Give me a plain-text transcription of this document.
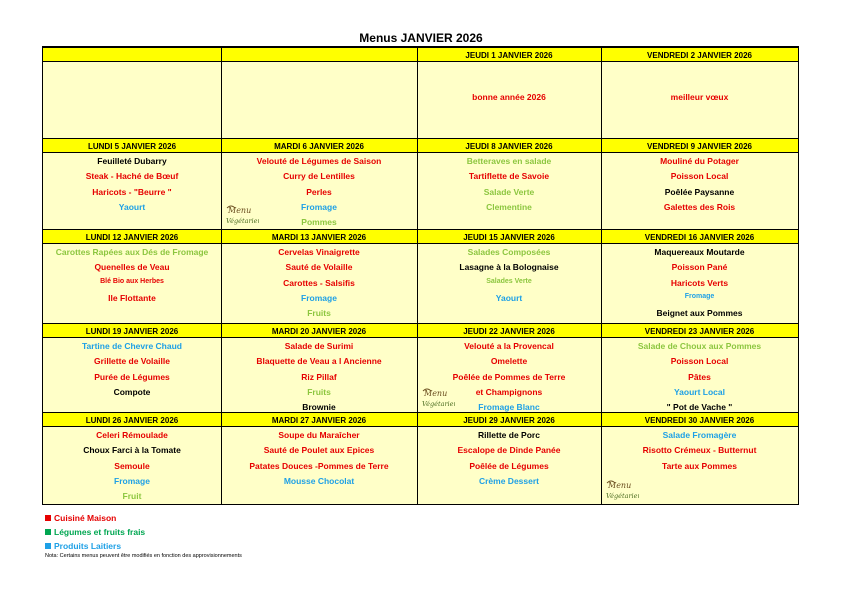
Menus JANVIER 2026
JEUDI 1 JANVIER 2026
bonne année 2026
VENDREDI 2 JANVIER 2026
meilleur vœux
LUNDI 5 JANVIER 2026
Feuilleté Dubarry
Steak - Haché de Bœuf
Haricots - "Beurre "
Yaourt
MARDI 6 JANVIER 2026
Velouté de Légumes de Saison
Curry de Lentilles
Perles
Fromage
Pommes
Menu
Végétarien
JEUDI 8 JANVIER 2026
Betteraves en salade
Tartiflette de Savoie
Salade Verte
Clementine
VENDREDI 9 JANVIER 2026
Mouliné du Potager
Poisson Local
Poêlée Paysanne
Galettes des Rois
LUNDI 12 JANVIER 2026
Carottes Rapées aux Dés de Fromage
Quenelles de Veau
Blé Bio aux Herbes
Ile Flottante
MARDI 13 JANVIER 2026
Cervelas Vinaigrette
Sauté de Volaille
Carottes - Salsifis
Fromage
Fruits
JEUDI 15 JANVIER 2026
Salades Composées
Lasagne à la Bolognaise
Salades Verte
Yaourt
VENDREDI 16 JANVIER 2026
Maquereaux Moutarde
Poisson Pané
Haricots Verts
Fromage
Beignet aux Pommes
LUNDI 19 JANVIER 2026
Tartine de Chevre Chaud
Grillette de Volaille
Purée de Légumes
Compote
MARDI 20 JANVIER 2026
Salade de Surimi
Blaquette de Veau a l Ancienne
Riz Pillaf
Fruits
Brownie
JEUDI 22 JANVIER 2026
Velouté a la Provencal
Omelette
Poêlée de Pommes de Terre
et Champignons
Fromage Blanc
Menu
Végétarien
VENDREDI 23 JANVIER 2026
Salade de Choux aux Pommes
Poisson Local
Pâtes
Yaourt Local
" Pot de Vache "
LUNDI 26 JANVIER 2026
Celeri Rémoulade
Choux Farci à la Tomate
Semoule
Fromage
Fruit
MARDI 27 JANVIER 2026
Soupe du Maraîcher
Sauté de Poulet aux Epices
Patates Douces -Pommes de Terre
Mousse Chocolat
JEUDI 29 JANVIER 2026
Rillette de Porc
Escalope de Dinde Panée
Poêlée de Légumes
Crème Dessert
VENDREDI 30 JANVIER 2026
Salade Fromagère
Risotto Crémeux - Butternut
Tarte aux Pommes
Menu
Végétarien
Cuisiné Maison
Légumes et fruits frais
Produits Laitiers
Nota: Certains menus peuvent être modifiés en fonction des approvisionnements
